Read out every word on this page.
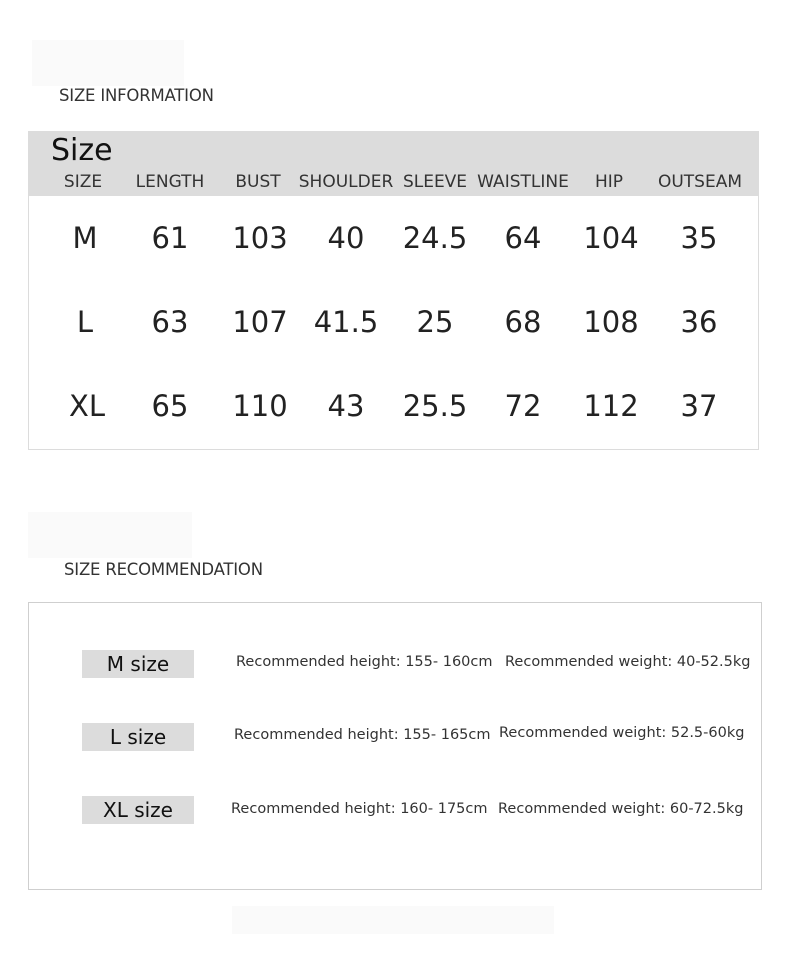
SIZE INFORMATION
Size
SIZE LENGTH BUST SHOULDER SLEEVE WAISTLINE HIP OUTSEAM
M 61 103 40 24.5 64 104 35
L 63 107 41.5 25 68 108 36
XL 65 110 43 25.5 72 112 37
SIZE RECOMMENDATION
M size	Recommended height: 155- 160cm Recommended weight: 40-52.5kg
L size	Recommended height: 155- 165cm Recommended weight: 52.5-60kg
XL size	Recommended height: 160- 175cm Recommended weight: 60-72.5kg
